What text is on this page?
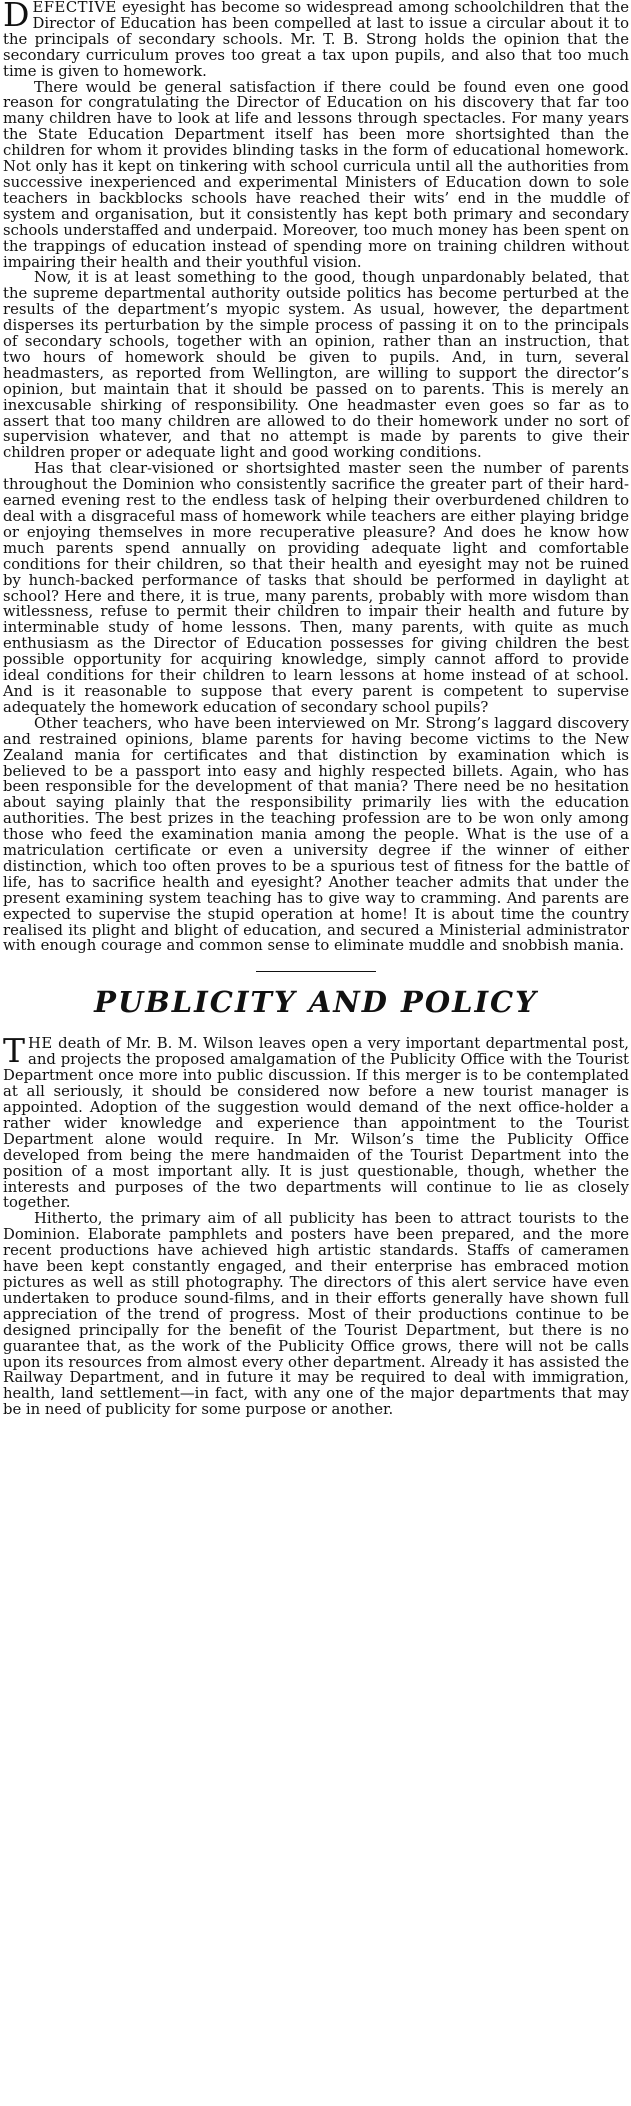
DEFECTIVE eyesight has become so widespread among schoolchildren that the Director of Education has been compelled at last to issue a circular about it to the principals of secondary schools. Mr. T. B. Strong holds the opinion that the secondary curriculum proves too great a tax upon pupils, and also that too much time is given to homework.

There would be general satisfaction if there could be found even one good reason for congratulating the Director of Education on his discovery that far too many children have to look at life and lessons through spectacles. For many years the State Education Department itself has been more shortsighted than the children for whom it provides blinding tasks in the form of educational homework. Not only has it kept on tinkering with school curricula until all the authorities from successive inexperienced and experimental Ministers of Education down to sole teachers in backblocks schools have reached their wits’ end in the muddle of system and organisation, but it consistently has kept both primary and secondary schools understaffed and underpaid. Moreover, too much money has been spent on the trappings of education instead of spending more on training children without impairing their health and their youthful vision.

Now, it is at least something to the good, though unpardonably belated, that the supreme departmental authority outside politics has become perturbed at the results of the department’s myopic system. As usual, however, the department disperses its perturbation by the simple process of passing it on to the principals of secondary schools, together with an opinion, rather than an instruction, that two hours of homework should be given to pupils. And, in turn, several headmasters, as reported from Wellington, are willing to support the director’s opinion, but maintain that it should be passed on to parents. This is merely an inexcusable shirking of responsibility. One headmaster even goes so far as to assert that too many children are allowed to do their homework under no sort of supervision whatever, and that no attempt is made by parents to give their children proper or adequate light and good working conditions.

Has that clear-visioned or shortsighted master seen the number of parents throughout the Dominion who consistently sacrifice the greater part of their hard-earned evening rest to the endless task of helping their overburdened children to deal with a disgraceful mass of homework while teachers are either playing bridge or enjoying themselves in more recuperative pleasure? And does he know how much parents spend annually on providing adequate light and comfortable conditions for their children, so that their health and eyesight may not be ruined by hunch-backed performance of tasks that should be performed in daylight at school? Here and there, it is true, many parents, probably with more wisdom than witlessness, refuse to permit their children to impair their health and future by interminable study of home lessons. Then, many parents, with quite as much enthusiasm as the Director of Education possesses for giving children the best possible opportunity for acquiring knowledge, simply cannot afford to provide ideal conditions for their children to learn lessons at home instead of at school. And is it reasonable to suppose that every parent is competent to supervise adequately the homework education of secondary school pupils?

Other teachers, who have been interviewed on Mr. Strong’s laggard discovery and restrained opinions, blame parents for having become victims to the New Zealand mania for certificates and that distinction by examination which is believed to be a passport into easy and highly respected billets. Again, who has been responsible for the development of that mania? There need be no hesitation about saying plainly that the responsibility primarily lies with the education authorities. The best prizes in the teaching profession are to be won only among those who feed the examination mania among the people. What is the use of a matriculation certificate or even a university degree if the winner of either distinction, which too often proves to be a spurious test of fitness for the battle of life, has to sacrifice health and eyesight? Another teacher admits that under the present examining system teaching has to give way to cramming. And parents are expected to supervise the stupid operation at home! It is about time the country realised its plight and blight of education, and secured a Ministerial administrator with enough courage and common sense to eliminate muddle and snobbish mania.

PUBLICITY AND POLICY

THE death of Mr. B. M. Wilson leaves open a very important departmental post, and projects the proposed amalgamation of the Publicity Office with the Tourist Department once more into public discussion. If this merger is to be contemplated at all seriously, it should be considered now before a new tourist manager is appointed. Adoption of the suggestion would demand of the next office-holder a rather wider knowledge and experience than appointment to the Tourist Department alone would require. In Mr. Wilson’s time the Publicity Office developed from being the mere handmaiden of the Tourist Department into the position of a most important ally. It is just questionable, though, whether the interests and purposes of the two departments will continue to lie as closely together.

Hitherto, the primary aim of all publicity has been to attract tourists to the Dominion. Elaborate pamphlets and posters have been prepared, and the more recent productions have achieved high artistic standards. Staffs of cameramen have been kept constantly engaged, and their enterprise has embraced motion pictures as well as still photography. The directors of this alert service have even undertaken to produce sound-films, and in their efforts generally have shown full appreciation of the trend of progress. Most of their productions continue to be designed principally for the benefit of the Tourist Department, but there is no guarantee that, as the work of the Publicity Office grows, there will not be calls upon its resources from almost every other department. Already it has assisted the Railway Department, and in future it may be required to deal with immigration, health, land settlement—in fact, with any one of the major departments that may be in need of publicity for some purpose or another.
